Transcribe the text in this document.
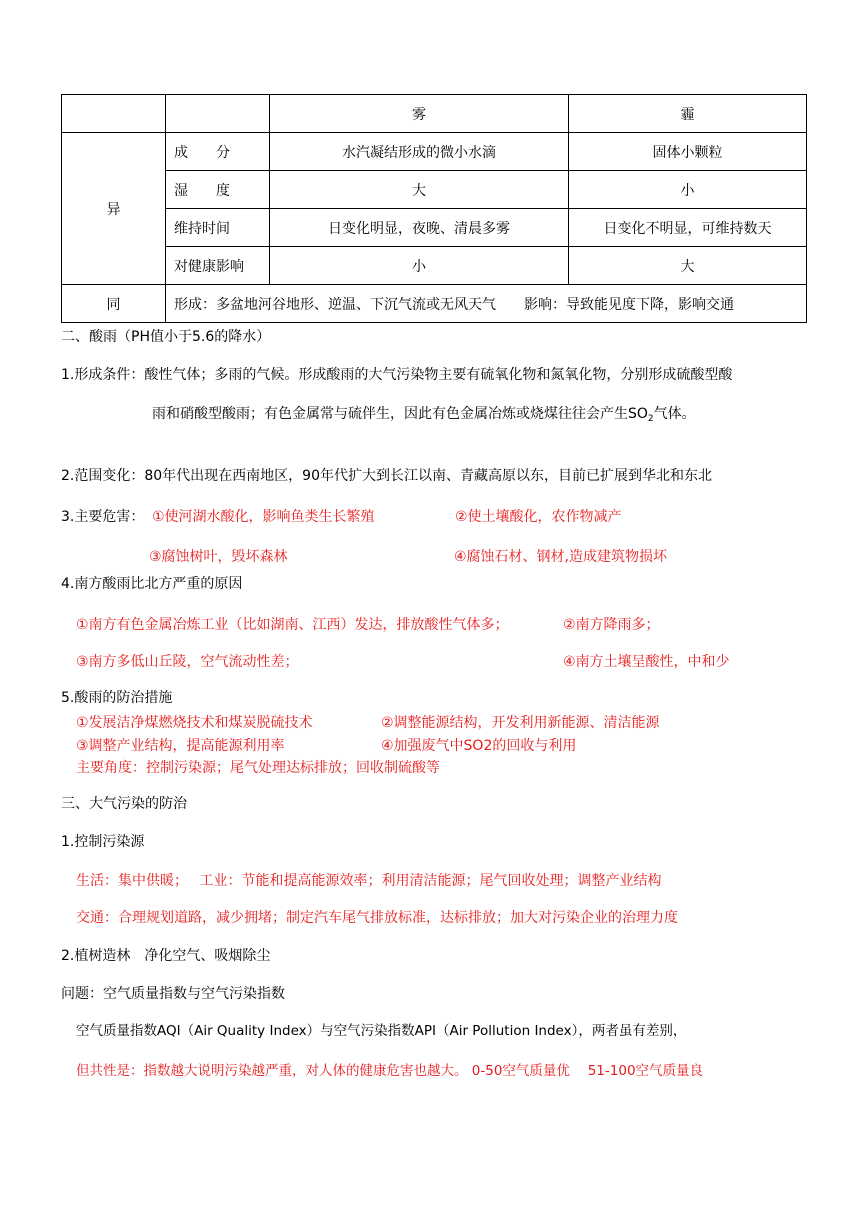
		雾	霾
异	成　　分	水汽凝结形成的微小水滴	固体小颗粒
	湿　　度	大	小
	维持时间	日变化明显，夜晚、清晨多雾	日变化不明显，可维持数天
	对健康影响	小	大
同	形成：多盆地河谷地形、逆温、下沉气流或无风天气　　影响：导致能见度下降，影响交通		
二、酸雨（PH值小于5.6的降水）
1.形成条件：酸性气体；多雨的气候。形成酸雨的大气污染物主要有硫氧化物和氮氧化物，分别形成硫酸型酸
雨和硝酸型酸雨；有色金属常与硫伴生，因此有色金属冶炼或烧煤往往会产生$SO_2$气体。
2.范围变化：80年代出现在西南地区，90年代扩大到长江以南、青藏高原以东，目前已扩展到华北和东北
3.主要危害： ①使河湖水酸化，影响鱼类生长繁殖	②使土壤酸化，农作物减产
③腐蚀树叶，毁坏森林	④腐蚀石材、钢材,造成建筑物损坏
4.南方酸雨比北方严重的原因
①南方有色金属冶炼工业（比如湖南、江西）发达，排放酸性气体多；	②南方降雨多；
③南方多低山丘陵，空气流动性差；	④南方土壤呈酸性，中和少
5.酸雨的防治措施
①发展洁净煤燃烧技术和煤炭脱硫技术	②调整能源结构，开发利用新能源、清洁能源
③调整产业结构，提高能源利用率	④加强废气中SO2的回收与利用
主要角度：控制污染源；尾气处理达标排放；回收制硫酸等
三、大气污染的防治
1.控制污染源
生活：集中供暖；　 工业：节能和提高能源效率；利用清洁能源；尾气回收处理；调整产业结构
交通：合理规划道路，减少拥堵；制定汽车尾气排放标准，达标排放；加大对污染企业的治理力度
2.植树造林　净化空气、吸烟除尘
问题：空气质量指数与空气污染指数
空气质量指数AQI（Air Quality Index）与空气污染指数API（Air Pollution Index），两者虽有差别，
但共性是：指数越大说明污染越严重，对人体的健康危害也越大。 0-50空气质量优　 51-100空气质量良
